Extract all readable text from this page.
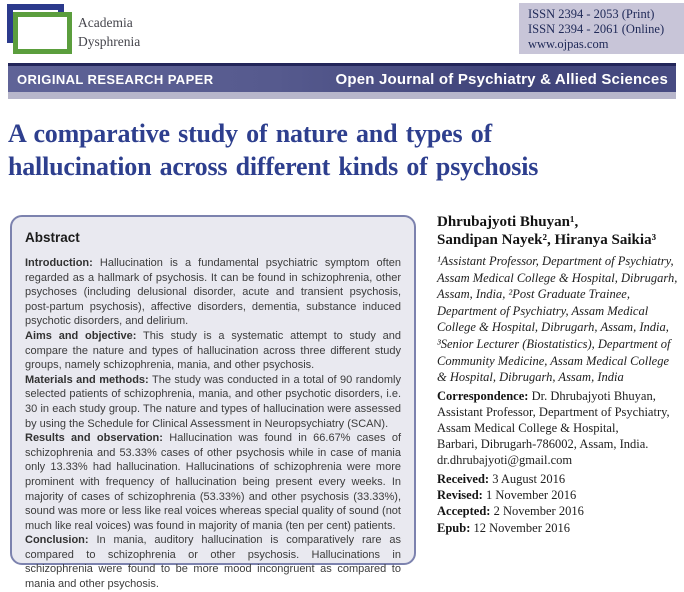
Academia
Dysphrenia
ISSN 2394 - 2053 (Print)
ISSN 2394 - 2061 (Online)
www.ojpas.com
ORIGINAL RESEARCH PAPER	Open Journal of Psychiatry & Allied Sciences
A comparative study of nature and types of
hallucination across different kinds of psychosis
Abstract

Introduction: Hallucination is a fundamental psychiatric symptom often regarded as a hallmark of psychosis. It can be found in schizophrenia, other psychoses (including delusional disorder, acute and transient psychosis, post-partum psychosis), affective disorders, dementia, substance induced psychotic disorders, and delirium.

Aims and objective: This study is a systematic attempt to study and compare the nature and types of hallucination across three different study groups, namely schizophrenia, mania, and other psychosis.

Materials and methods: The study was conducted in a total of 90 randomly selected patients of schizophrenia, mania, and other psychotic disorders, i.e. 30 in each study group. The nature and types of hallucination were assessed by using the Schedule for Clinical Assessment in Neuropsychiatry (SCAN).

Results and observation: Hallucination was found in 66.67% cases of schizophrenia and 53.33% cases of other psychosis while in case of mania only 13.33% had hallucination. Hallucinations of schizophrenia were more prominent with frequency of hallucination being present every weeks. In majority of cases of schizophrenia (53.33%) and other psychosis (33.33%), sound was more or less like real voices whereas special quality of sound (not much like real voices) was found in majority of mania (ten per cent) patients.

Conclusion: In mania, auditory hallucination is comparatively rare as compared to schizophrenia or other psychosis. Hallucinations in schizophrenia were found to be more mood incongruent as compared to mania and other psychosis.

Dhrubajyoti Bhuyan¹,
Sandipan Nayek², Hiranya Saikia³
¹Assistant Professor, Department of Psychiatry, Assam Medical College & Hospital, Dibrugarh, Assam, India, ²Post Graduate Trainee, Department of Psychiatry, Assam Medical College & Hospital, Dibrugarh, Assam, India, ³Senior Lecturer (Biostatistics), Department of Community Medicine, Assam Medical College & Hospital, Dibrugarh, Assam, India
Correspondence: Dr. Dhrubajyoti Bhuyan,
Assistant Professor, Department of Psychiatry,
Assam Medical College & Hospital,
Barbari, Dibrugarh-786002, Assam, India.
dr.dhrubajyoti@gmail.com
Received: 3 August 2016
Revised: 1 November 2016
Accepted: 2 November 2016
Epub: 12 November 2016
